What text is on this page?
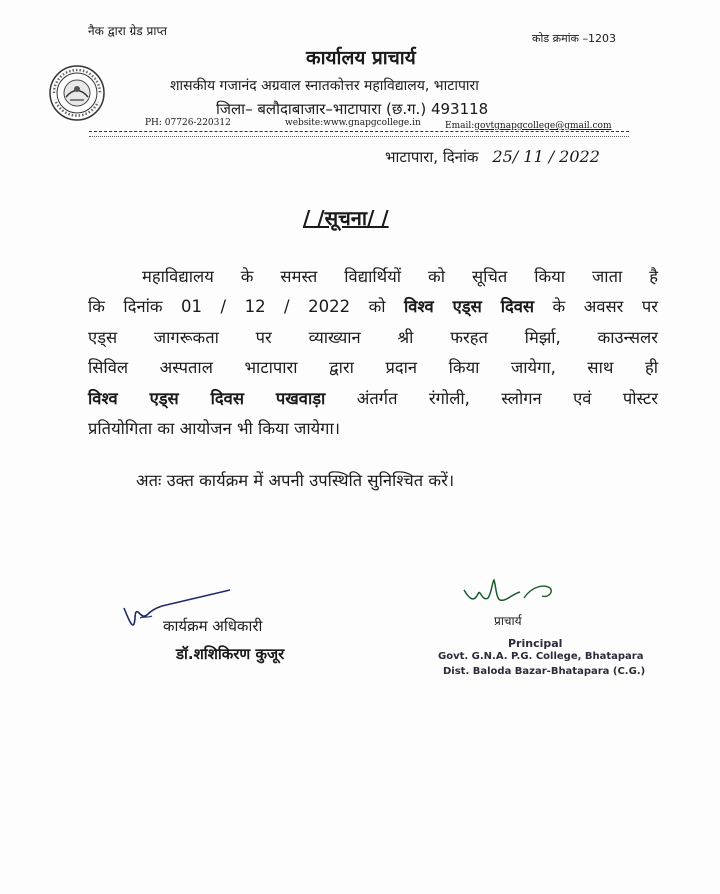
नैक द्वारा ग्रेड प्राप्त
कोड क्रमांक –1203
कार्यालय प्राचार्य
शासकीय गजानंद अग्रवाल स्नातकोत्तर महाविद्यालय, भाटापारा
जिला– बलौदाबाजार–भाटापारा (छ.ग.) 493118
PH: 07726-220312	website:www.gnapgcollege.in	Email:govtgnapgcollege@gmail.com
भाटापारा, दिनांक 25/ 11 / 2022
/ /सूचना/ /
महाविद्यालय के समस्त विद्यार्थियों को सूचित किया जाता है
कि दिनांक 01 / 12 / 2022 को विश्व एड्स दिवस के अवसर पर
एड्स जागरूकता पर व्याख्यान श्री फरहत मिर्झा, काउन्सलर
सिविल अस्पताल भाटापारा द्वारा प्रदान किया जायेगा, साथ ही
विश्व एड्स दिवस पखवाड़ा अंतर्गत रंगोली, स्लोगन एवं पोस्टर
प्रतियोगिता का आयोजन भी किया जायेगा।
अतः उक्त कार्यक्रम में अपनी उपस्थिति सुनिश्चित करें।
कार्यक्रम अधिकारी
डॉ.शशिकिरण कुजूर
प्राचार्य
Principal
Govt. G.N.A. P.G. College, Bhatapara
Dist. Baloda Bazar-Bhatapara (C.G.)
